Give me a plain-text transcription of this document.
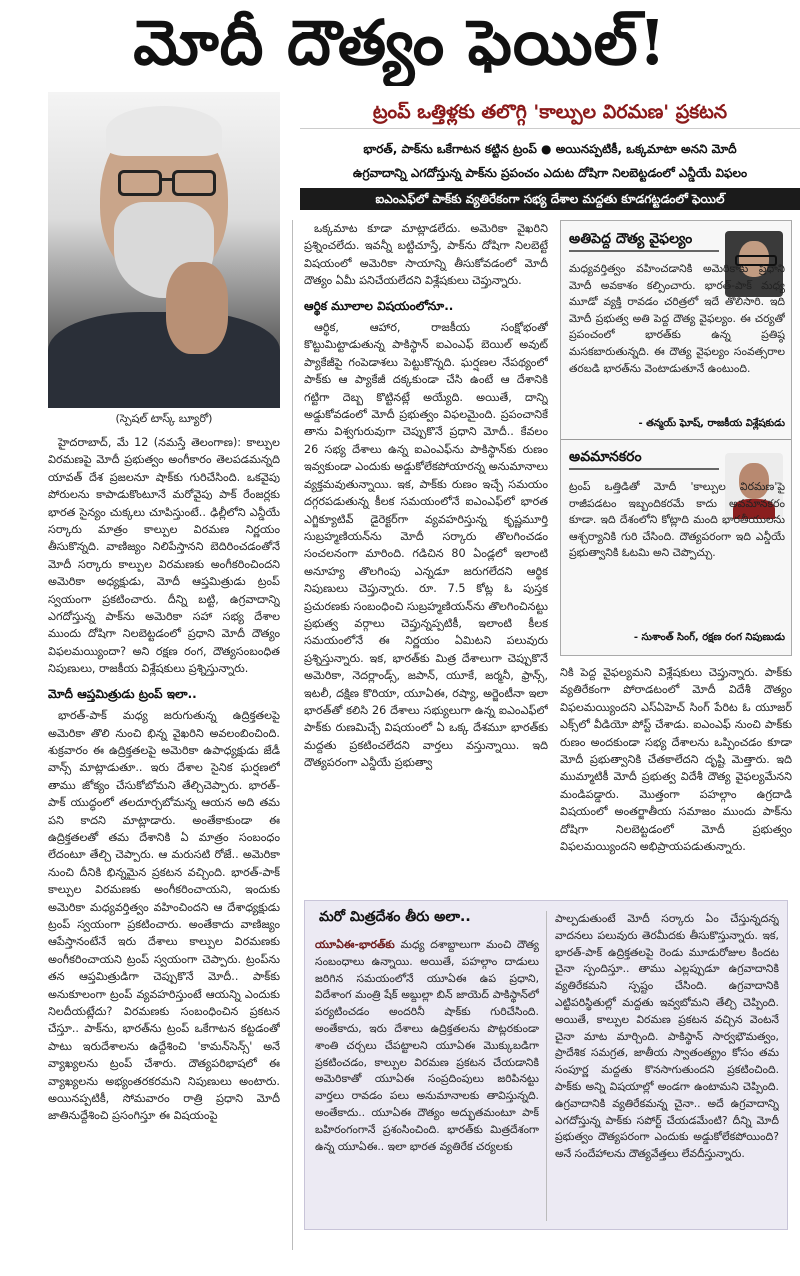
మోదీ దౌత్యం ఫెయిల్!
(స్పెషల్ టాస్క్ బ్యూరో)
ట్రంప్ ఒత్తిళ్లకు తలొగ్గి 'కాల్పుల విరమణ' ప్రకటన
భారత్, పాక్‌ను ఒకేగాటన కట్టిన ట్రంప్ ● అయినప్పటికీ, ఒక్కమాటా అనని మోదీ
ఉగ్రవాదాన్ని ఎగదోస్తున్న పాక్‌ను ప్రపంచం ఎదుట దోషిగా నిలబెట్టడంలో ఎన్డీయే విఫలం
ఐఎంఎఫ్‌లో పాక్‌కు వ్యతిరేకంగా సభ్య దేశాల మద్దతు కూడగట్టడంలో ఫెయిల్

హైదరాబాద్, మే 12 (నమస్తే తెలంగాణ): కాల్పుల విరమణపై మోదీ ప్రభుత్వం అంగీకారం తెలపడమన్నది యావత్ దేశ ప్రజలనూ షాక్‌కు గురిచేసింది. ఒకవైపు పోరులను కాపాడుకొంటూనే మరోవైపు పాక్ రేంజర్లకు భారత సైన్యం చుక్కలు చూపిస్తుంటే.. ఢిల్లీలోని ఎన్డీయే సర్కారు మాత్రం కాల్పుల విరమణ నిర్ణయం తీసుకొన్నది. వాణిజ్యం నిలిపేస్తానని బెదిరించడంతోనే మోదీ సర్కారు కాల్పుల విరమణకు అంగీకరించిందని అమెరికా అధ్యక్షుడు, మోదీ ఆప్తమిత్రుడు ట్రంప్ స్వయంగా ప్రకటించారు. దీన్ని బట్టి, ఉగ్రవాదాన్ని ఎగదోస్తున్న పాక్‌ను అమెరికా సహా సభ్య దేశాల ముందు దోషిగా నిలబెట్టడంలో ప్రధాని మోదీ దౌత్యం విఫలమయ్యిందా? అని రక్షణ రంగ, దౌత్యసంబంధిత నిపుణులు, రాజకీయ విశ్లేషకులు ప్రశ్నిస్తున్నారు.

మోదీ ఆప్తమిత్రుడు ట్రంప్ ఇలా..

భారత్-పాక్ మధ్య జరుగుతున్న ఉద్రిక్తతలపై అమెరికా తొలి నుంచి భిన్న వైఖరిని అవలంబించింది. శుక్రవారం ఈ ఉద్రిక్తతలపై అమెరికా ఉపాధ్యక్షుడు జేడీ వాన్స్ మాట్లాడుతూ.. ఇరు దేశాల సైనిక ఘర్షణలో తాము జోక్యం చేసుకోబోమని తేల్చిచెప్పారు. భారత్-పాక్ యుద్ధంలో తలదూర్చబోమన్న ఆయన అది తమ పని కాదని మాట్లాడారు. అంతేకాకుండా ఈ ఉద్రిక్తతలతో తమ దేశానికి ఏ మాత్రం సంబంధం లేదంటూ తేల్చి చెప్పారు. ఆ మరుసటి రోజే.. అమెరికా నుంచి దీనికి భిన్నమైన ప్రకటన వచ్చింది. భారత్-పాక్ కాల్పుల విరమణకు అంగీకరించాయని, ఇందుకు అమెరికా మధ్యవర్తిత్వం వహించిందని ఆ దేశాధ్యక్షుడు ట్రంప్ స్వయంగా ప్రకటించారు. అంతేకాదు వాణిజ్యం ఆపేస్తానంటేనే ఇరు దేశాలు కాల్పుల విరమణకు అంగీకరించాయని ట్రంప్ స్వయంగా చెప్పారు. ట్రంప్‌ను తన ఆప్తమిత్రుడిగా చెప్పుకొనే మోదీ.. పాక్‌కు అనుకూలంగా ట్రంప్ వ్యవహరిస్తుంటే ఆయన్ని ఎందుకు నిలదీయట్లేదు? విరమణకు సంబంధించిన ప్రకటన చేస్తూ.. పాక్‌ను, భారత్‌ను ట్రంప్ ఒకేగాటన కట్టడంతో పాటు ఇరుదేశాలను ఉద్దేశించి 'కామన్‌సెన్స్' అనే వ్యాఖ్యలను ట్రంప్ చేశారు. దౌత్యపరిభాషలో ఈ వ్యాఖ్యలను అభ్యంతరకరమని నిపుణులు అంటారు. అయినప్పటికీ, సోమవారం రాత్రి ప్రధాని మోదీ జాతినుద్దేశించి ప్రసంగిస్తూ ఈ విషయంపై

ఒక్కమాట కూడా మాట్లాడలేదు. అమెరికా వైఖరిని ప్రశ్నించలేదు. ఇవన్నీ బట్టిచూస్తే, పాక్‌ను దోషిగా నిలబెట్టే విషయంలో అమెరికా సాయాన్ని తీసుకోవడంలో మోదీ దౌత్యం ఏమీ పనిచేయలేదని విశ్లేషకులు చెప్తున్నారు.

ఆర్థిక మూలాల విషయంలోనూ..

ఆర్థిక, ఆహార, రాజకీయ సంక్షోభంతో కొట్టుమిట్టాడుతున్న పాకిస్థాన్ ఐఎంఎఫ్ బెయిల్ అవుట్ ప్యాకేజీపై గంపెడాశలు పెట్టుకొన్నది. ఘర్షణల నేపథ్యంలో పాక్‌కు ఆ ప్యాకేజీ దక్కకుండా చేసి ఉంటే ఆ దేశానికి గట్టిగా దెబ్బ కొట్టినట్లే అయ్యేది. అయితే, దాన్ని అడ్డుకోవడంలో మోదీ ప్రభుత్వం విఫలమైంది. ప్రపంచానికే తాను విశ్వగురువుగా చెప్పుకొనే ప్రధాని మోదీ.. కేవలం 26 సభ్య దేశాలు ఉన్న ఐఎంఎఫ్‌ను పాకిస్థాన్‌కు రుణం ఇవ్వకుండా ఎందుకు అడ్డుకోలేకపోయారన్న అనుమానాలు వ్యక్తమవుతున్నాయి. ఇక, పాక్‌కు రుణం ఇచ్చే సమయం దగ్గరపడుతున్న కీలక సమయంలోనే ఐఎంఎఫ్‌లో భారత ఎగ్జిక్యూటివ్ డైరెక్టర్‌గా వ్యవహరిస్తున్న కృష్ణమూర్తి సుబ్రహ్మణియన్‌ను మోదీ సర్కారు తొలగించడం సంచలనంగా మారింది. గడిచిన 80 ఏండ్లలో ఇలాంటి అనూహ్య తొలగింపు ఎన్నడూ జరుగలేదని ఆర్థిక నిపుణులు చెప్తున్నారు. రూ. 7.5 కోట్ల ఓ పుస్తక ప్రచురణకు సంబంధించి సుబ్రహ్మణియన్‌ను తొలగించినట్టు ప్రభుత్వ వర్గాలు చెప్తున్నప్పటికీ, ఇలాంటి కీలక సమయంలోనే ఈ నిర్ణయం ఏమిటని పలువురు ప్రశ్నిస్తున్నారు. ఇక, భారత్‌కు మిత్ర దేశాలుగా చెప్పుకొనే అమెరికా, నెదర్లాండ్స్, జపాన్, యూకే, జర్మనీ, ఫ్రాన్స్, ఇటలీ, దక్షిణ కొరియా, యూఏఈ, రష్యా, అర్జెంటీనా ఇలా భారత్‌తో కలిసి 26 దేశాలు సభ్యులుగా ఉన్న ఐఎంఎఫ్‌లో పాక్‌కు రుణమిచ్చే విషయంలో ఏ ఒక్క దేశమూ భారత్‌కు మద్దతు ప్రకటించలేదని వార్తలు వస్తున్నాయి. ఇది దౌత్యపరంగా ఎన్డీయే ప్రభుత్వా

అతిపెద్ద దౌత్య వైఫల్యం
మధ్యవర్తిత్వం వహించడానికి అమెరికాకు ప్రధాని మోదీ అవకాశం కల్పించారు. భారత్-పాక్ మధ్య మూడో వ్యక్తి రావడం చరిత్రలో ఇదే తొలిసారి. ఇది మోదీ ప్రభుత్వ అతి పెద్ద దౌత్య వైఫల్యం. ఈ చర్యతో ప్రపంచంలో భారత్‌కు ఉన్న ప్రతిష్ఠ మసకబారుతున్నది. ఈ దౌత్య వైఫల్యం సంవత్సరాల తరబడి భారత్‌ను వెంటాడుతూనే ఉంటుంది.
- తన్మయ్ ఘోష్, రాజకీయ విశ్లేషకుడు
అవమానకరం
ట్రంప్ ఒత్తిడితో మోదీ 'కాల్పుల విరమణ'పై రాజీపడటం ఇబ్బందికరమే కాదు అవమానకరం కూడా. ఇది దేశంలోని కోట్లాది మంది భారతీయులను ఆశ్చర్యానికి గురి చేసింది. దౌత్యపరంగా ఇది ఎన్డీయే ప్రభుత్వానికి ఓటమి అని చెప్పొచ్చు.
- సుశాంత్ సింగ్, రక్షణ రంగ నిపుణుడు

నికి పెద్ద వైఫల్యమని విశ్లేషకులు చెప్తున్నారు. పాక్‌కు వ్యతిరేకంగా పోరాడటంలో మోదీ విదేశీ దౌత్యం విఫలమయ్యిందని ఎస్‌ఏహెచ్ సింగ్ పేరిట ఓ యూజర్ ఎక్స్‌లో వీడియో పోస్ట్ చేశాడు. ఐఎంఎఫ్ నుంచి పాక్‌కు రుణం అందకుండా సభ్య దేశాలను ఒప్పించడం కూడా మోదీ ప్రభుత్వానికి చేతకాలేదని దృష్టి మెత్తారు. ఇది ముమ్మాటికీ మోదీ ప్రభుత్వ విదేశీ దౌత్య వైఫల్యమేనని మండిపడ్డారు. మొత్తంగా పహల్గాం ఉగ్రదాడి విషయంలో అంతర్జాతీయ సమాజం ముందు పాక్‌ను దోషిగా నిలబెట్టడంలో మోదీ ప్రభుత్వం విఫలమయ్యిందని అభిప్రాయపడుతున్నారు.

మరో మిత్రదేశం తీరు అలా..
యూఏఈ-భారత్‌కు మధ్య దశాబ్దాలుగా మంచి దౌత్య సంబంధాలు ఉన్నాయి. అయితే, పహల్గాం దాడులు జరిగిన సమయంలోనే యూఏఈ ఉప ప్రధాని, విదేశాంగ మంత్రి షేక్ అబ్దుల్లా బిన్ జాయెద్ పాకిస్థాన్‌లో పర్యటించడం అందరినీ షాక్‌కు గురిచేసింది. అంతేకాదు, ఇరు దేశాలు ఉద్రిక్తతలను పొట్లరకుండా శాంతి చర్చలు చేపట్టాలని యూఏఈ మొక్కుబడిగా ప్రకటించడం, కాల్పుల విరమణ ప్రకటన చేయడానికి అమెరికాతో యూఏఈ సంప్రదింపులు జరిపినట్టు వార్తలు రావడం పలు అనుమానాలకు తావిస్తున్నది. అంతేకాదు.. యూఏఈ దౌత్యం అద్భుతమంటూ పాక్ బహిరంగంగానే ప్రశంసించింది. భారత్‌కు మిత్రదేశంగా ఉన్న యూఏఈ.. ఇలా భారత వ్యతిరేక చర్యలకు
పాల్పడుతుంటే మోదీ సర్కారు ఏం చేస్తున్నదన్న వాదనలు పలువురు తెరమీదకు తీసుకొస్తున్నారు. ఇక, భారత్-పాక్ ఉద్రిక్తతలపై రెండు మూడురోజుల కిందట చైనా స్పందిస్తూ.. తాము ఎల్లప్పుడూ ఉగ్రవాదానికి వ్యతిరేకమని స్పష్టం చేసింది. ఉగ్రవాదానికి ఎట్టిపరిస్థితుల్లో మద్దతు ఇవ్వబోమని తేల్చి చెప్పింది. అయితే, కాల్పుల విరమణ ప్రకటన వచ్చిన వెంటనే చైనా మాట మార్చింది. పాకిస్థాన్ సార్వభౌమత్వం, ప్రాదేశిక సమగ్రత, జాతీయ స్వాతంత్య్రం కోసం తమ సంపూర్ణ మద్దతు కొనసాగుతుందని ప్రకటించింది. పాక్‌కు అన్ని విషయాల్లో అండగా ఉంటామని చెప్పింది. ఉగ్రవాదానికి వ్యతిరేకమన్న చైనా.. అదే ఉగ్రవాదాన్ని ఎగదోస్తున్న పాక్‌కు సపోర్ట్ చేయడమేంటి? దీన్ని మోదీ ప్రభుత్వం దౌత్యపరంగా ఎందుకు అడ్డుకోలేకపోయింది? అనే సందేహాలను దౌత్యవేత్తలు లేవదీస్తున్నారు.
